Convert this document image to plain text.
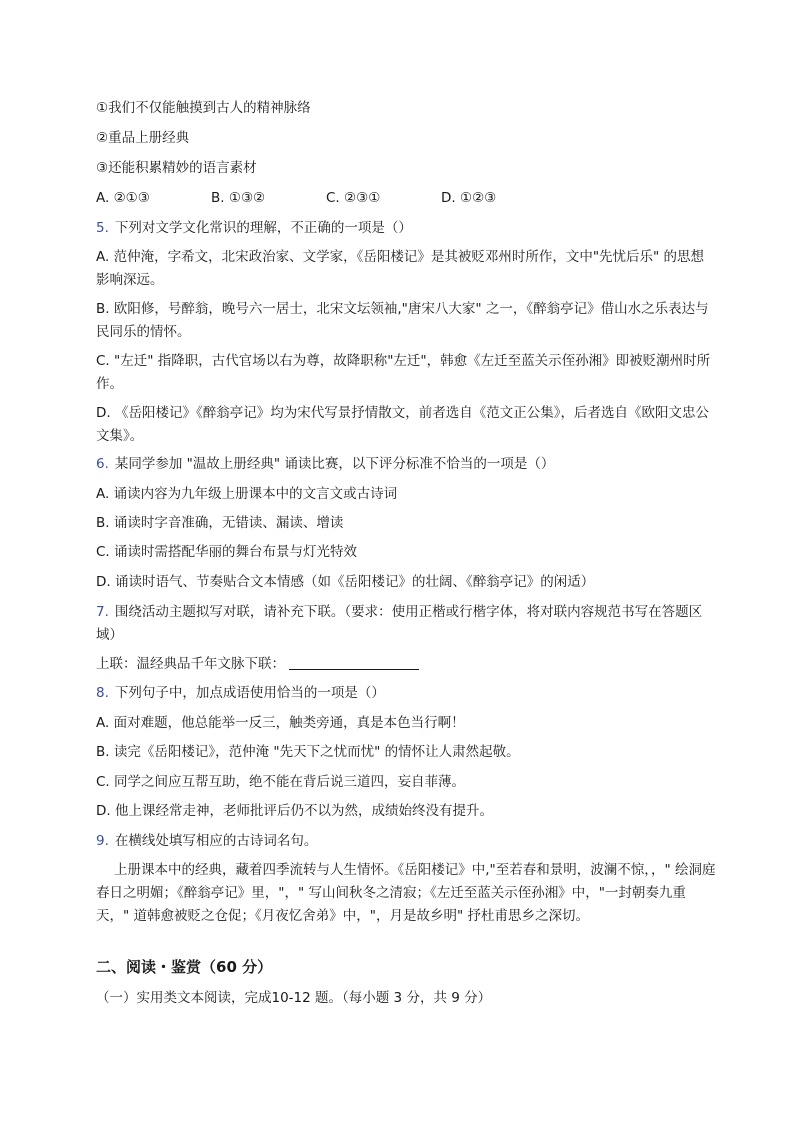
①我们不仅能触摸到古人的精神脉络
②重品上册经典
③还能积累精妙的语言素材
A. ②①③	B. ①③②	C. ②③①	D. ①②③
5. 下列对文学文化常识的理解，不正确的一项是（）
A. 范仲淹，字希文，北宋政治家、文学家，《岳阳楼记》是其被贬邓州时所作，文中"先忧后乐" 的思想影响深远。
B. 欧阳修，号醉翁，晚号六一居士，北宋文坛领袖,"唐宋八大家" 之一，《醉翁亭记》借山水之乐表达与民同乐的情怀。
C. "左迁" 指降职，古代官场以右为尊，故降职称"左迁"，韩愈《左迁至蓝关示侄孙湘》即被贬潮州时所作。
D. 《岳阳楼记》《醉翁亭记》均为宋代写景抒情散文，前者选自《范文正公集》，后者选自《欧阳文忠公文集》。
6. 某同学参加 "温故上册经典" 诵读比赛，以下评分标准不恰当的一项是（）
A. 诵读内容为九年级上册课本中的文言文或古诗词
B. 诵读时字音准确，无错读、漏读、增读
C. 诵读时需搭配华丽的舞台布景与灯光特效
D. 诵读时语气、节奏贴合文本情感（如《岳阳楼记》的壮阔、《醉翁亭记》的闲适）
7. 围绕活动主题拟写对联，请补充下联。（要求：使用正楷或行楷字体，将对联内容规范书写在答题区域）
上联：温经典品千年文脉下联：
8. 下列句子中，加点成语使用恰当的一项是（）
A. 面对难题，他总能举一反三，触类旁通，真是本色当行啊！
B. 读完《岳阳楼记》，范仲淹 "先天下之忧而忧" 的情怀让人肃然起敬。
C. 同学之间应互帮互助，绝不能在背后说三道四，妄自菲薄。
D. 他上课经常走神，老师批评后仍不以为然，成绩始终没有提升。
9. 在横线处填写相应的古诗词名句。
上册课本中的经典，藏着四季流转与人生情怀。《岳阳楼记》中,"至若春和景明，波澜不惊，，" 绘洞庭春日之明媚；《醉翁亭记》里，"，" 写山间秋冬之清寂；《左迁至蓝关示侄孙湘》中，"一封朝奏九重天，" 道韩愈被贬之仓促；《月夜忆舍弟》中，"，月是故乡明" 抒杜甫思乡之深切。
二、阅读・鉴赏（60 分）
（一）实用类文本阅读，完成10-12 题。（每小题 3 分，共 9 分）
